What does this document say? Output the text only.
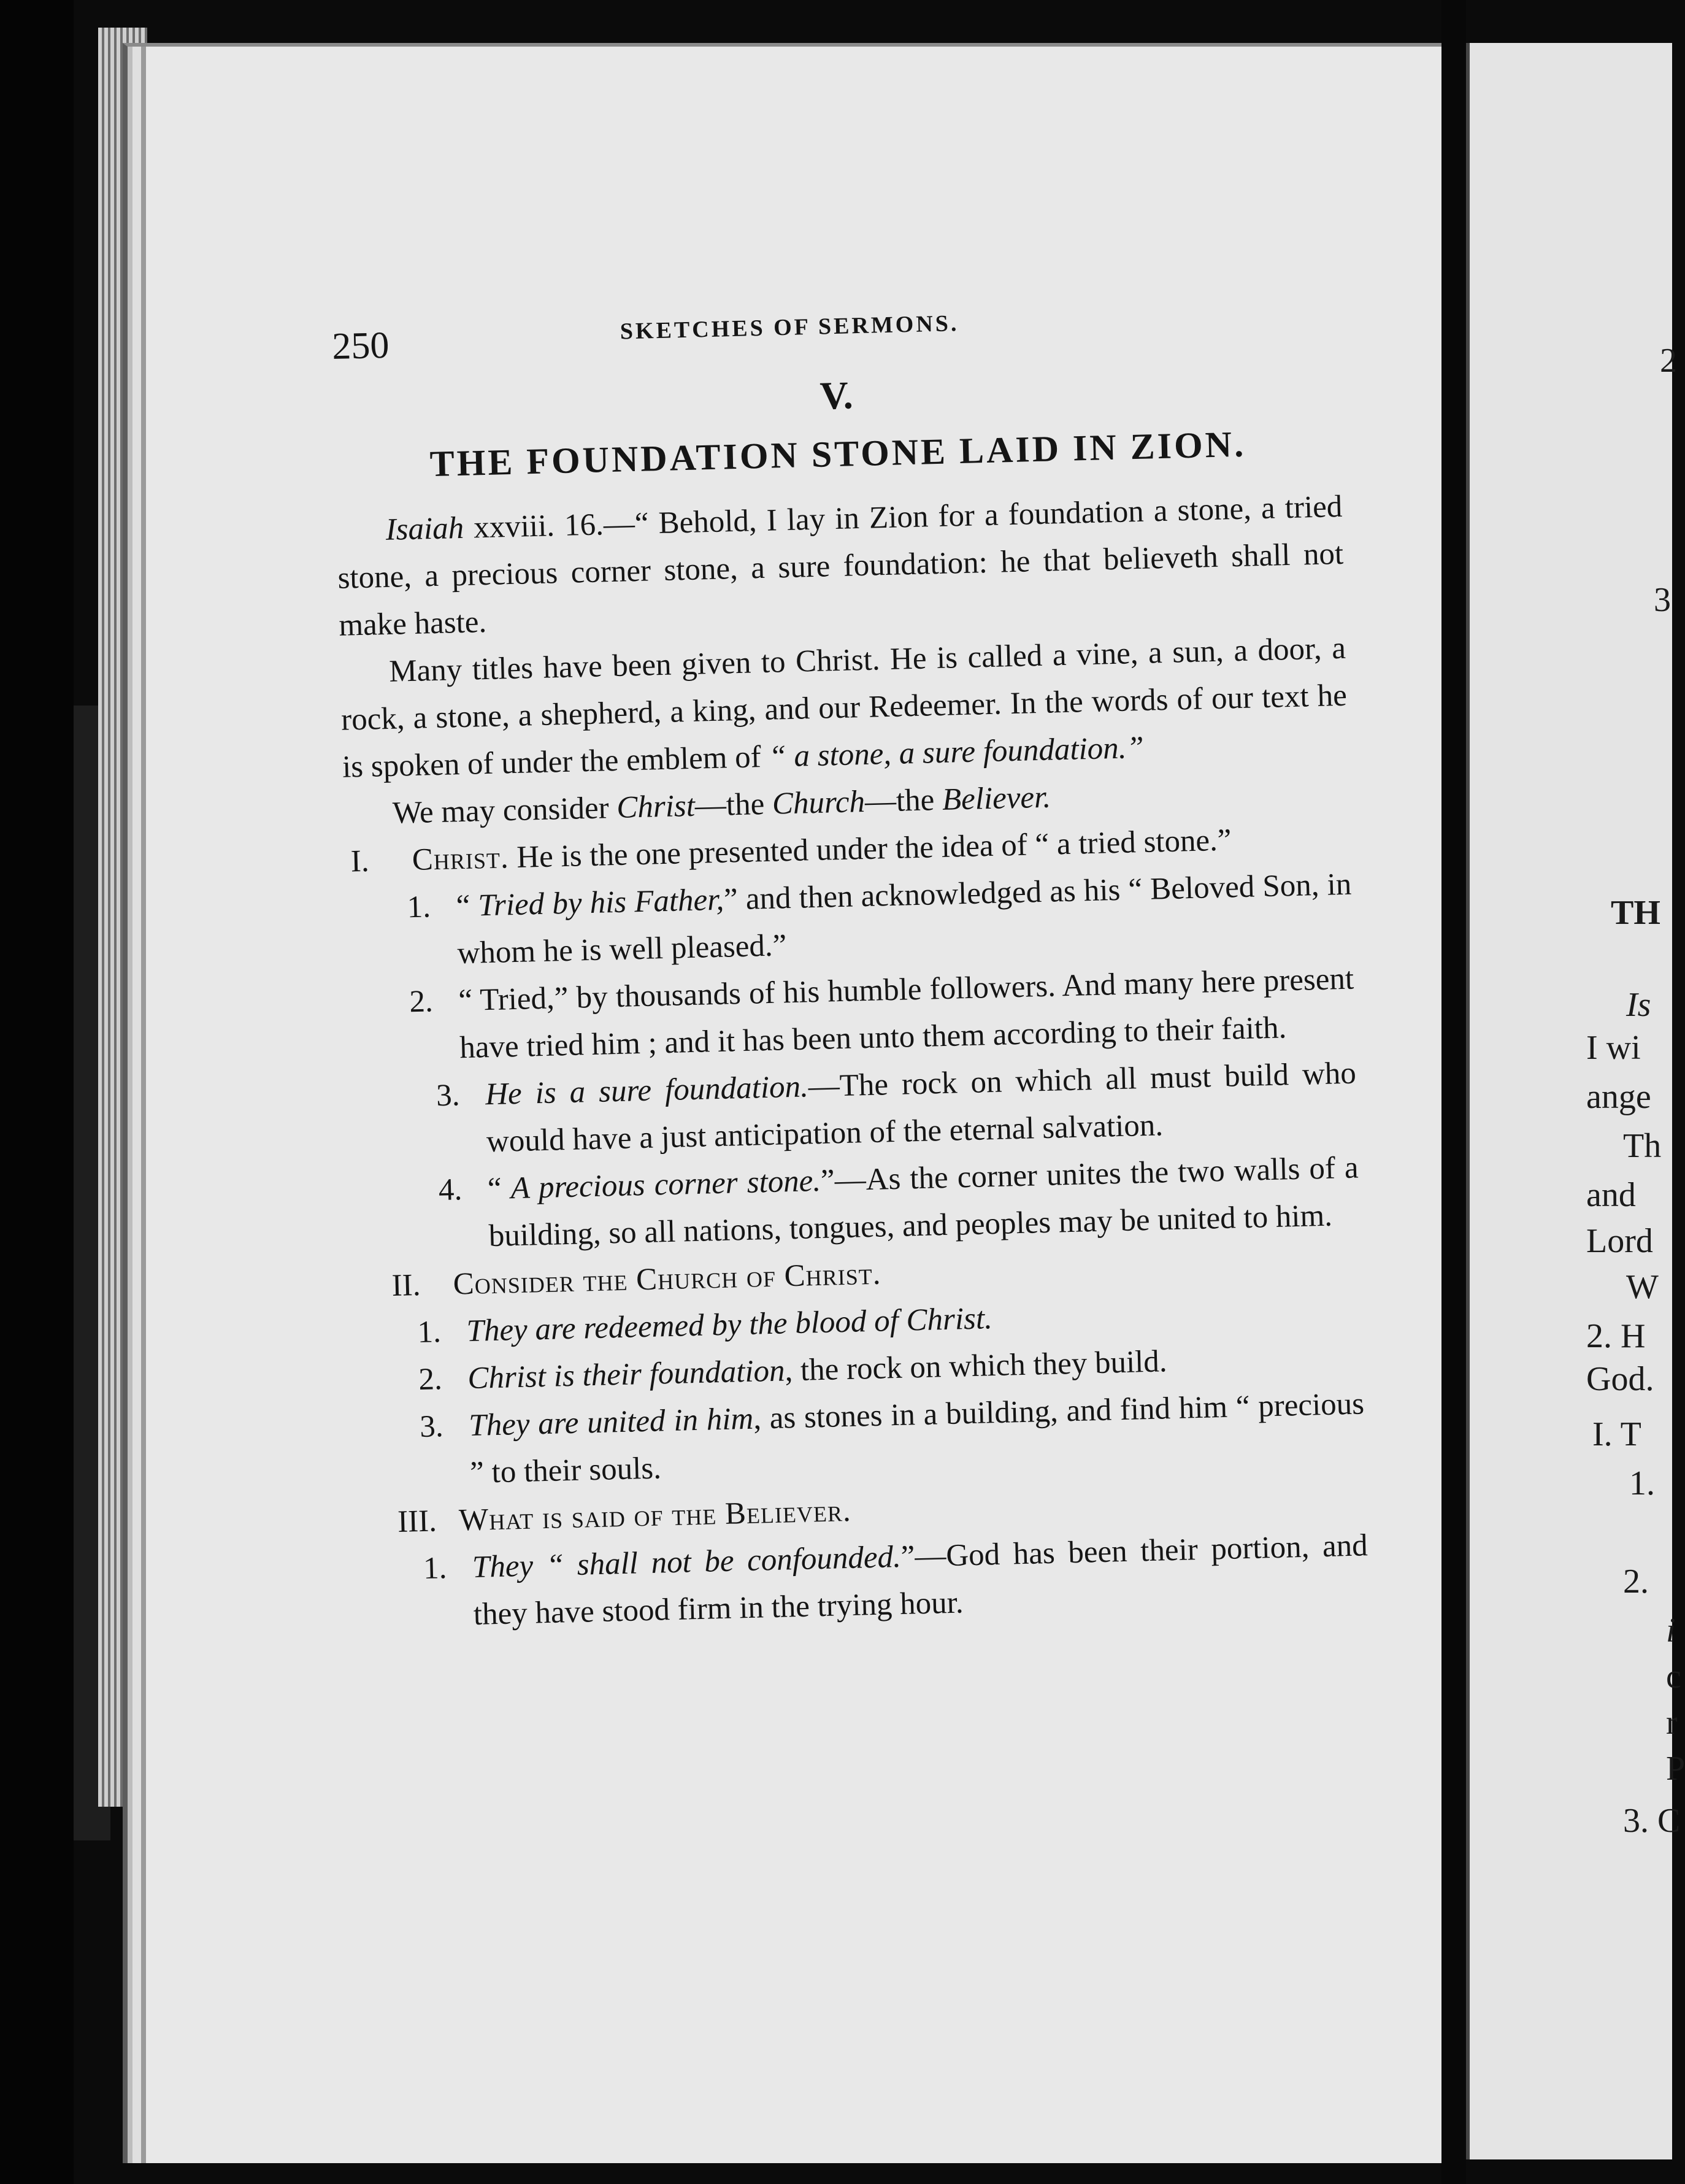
250	SKETCHES OF SERMONS.
V.
THE FOUNDATION STONE LAID IN ZION.

Isaiah xxviii. 16.—“ Behold, I lay in Zion for a foundation a stone, a tried stone, a precious corner stone, a sure foundation: he that believeth shall not make haste.

Many titles have been given to Christ. He is called a vine, a sun, a door, a rock, a stone, a shepherd, a king, and our Redeemer. In the words of our text he is spoken of under the emblem of “ a stone, a sure foundation.”

We may consider Christ—the Church—the Believer.

I.	Christ. He is the one presented under the idea of “ a tried stone.”
1. “ Tried by his Father,” and then acknowledged as his “ Beloved Son, in whom he is well pleased.”
2. “ Tried,” by thousands of his humble followers. And many here present have tried him ; and it has been unto them according to their faith.
3. He is a sure foundation.—The rock on which all must build who would have a just anticipation of the eternal salvation.
4. “ A precious corner stone.”—As the corner unites the two walls of a building, so all nations, tongues, and peoples may be united to him.
II.	Consider the Church of Christ.
1. They are redeemed by the blood of Christ.
2. Christ is their foundation, the rock on which they build.
3. They are united in him, as stones in a building, and find him “ precious ” to their souls.
III. What is said of the Believer.
1. They “ shall not be confounded.”—God has been their portion, and they have stood firm in the trying hour.
2
3
TH
Is
I wi
ange
Th
and
Lord
W
2. H
God.
I. T
1.
2.
i
c
r
P
3. C
